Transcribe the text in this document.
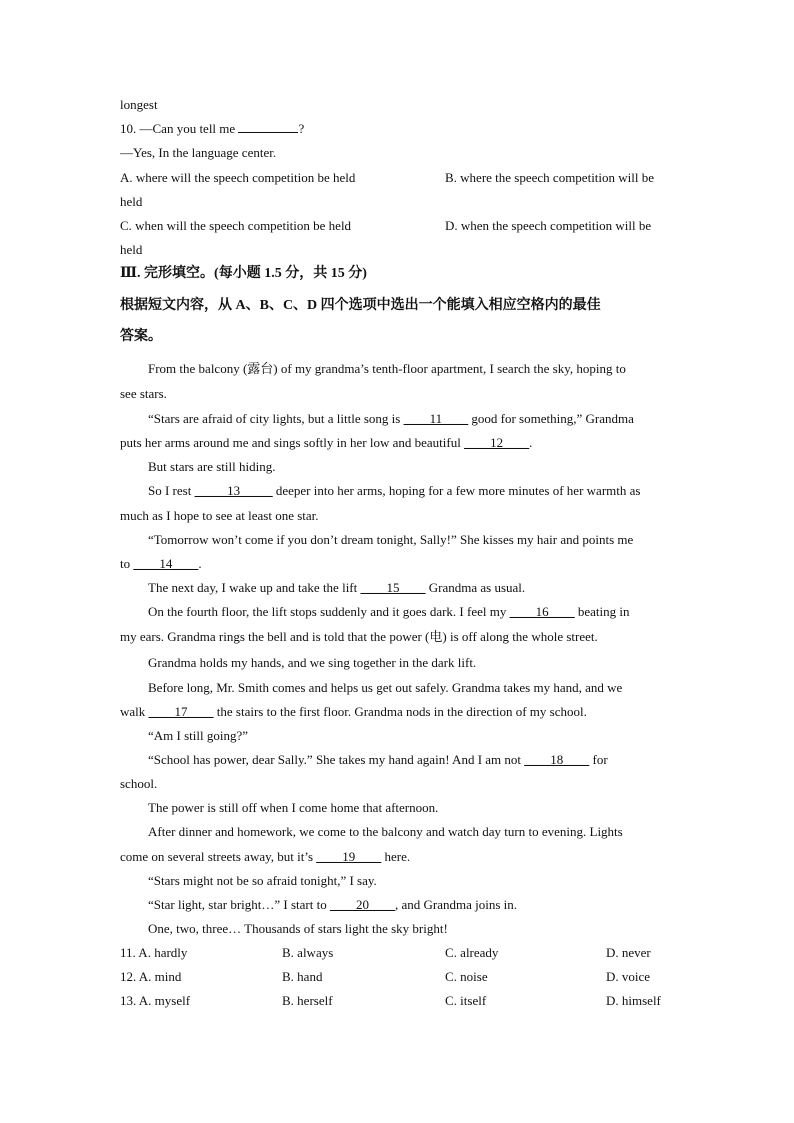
longest
10. —Can you tell me	?
—Yes, In the language center.
A. where will the speech competition be held	B. where the speech competition will be
held
C. when will the speech competition be held	D. when the speech competition will be
held
Ⅲ. 完形填空。(每小题 1.5 分，共 15 分)
根据短文内容，从 A、B、C、D 四个选项中选出一个能填入相应空格内的最佳
答案。
From the balcony (露台) of my grandma’s tenth-floor apartment, I search the sky, hoping to
see stars.
“Stars are afraid of city lights, but a little song is ____11____ good for something,” Grandma
puts her arms around me and sings softly in her low and beautiful ____12____.
But stars are still hiding.
So I rest _____13_____ deeper into her arms, hoping for a few more minutes of her warmth as
much as I hope to see at least one star.
“Tomorrow won’t come if you don’t dream tonight, Sally!” She kisses my hair and points me
to ____14____.
The next day, I wake up and take the lift ____15____ Grandma as usual.
On the fourth floor, the lift stops suddenly and it goes dark. I feel my ____16____ beating in
my ears. Grandma rings the bell and is told that the power (电) is off along the whole street.
Grandma holds my hands, and we sing together in the dark lift.
Before long, Mr. Smith comes and helps us get out safely. Grandma takes my hand, and we
walk ____17____ the stairs to the first floor. Grandma nods in the direction of my school.
“Am I still going?”
“School has power, dear Sally.” She takes my hand again! And I am not ____18____ for
school.
The power is still off when I come home that afternoon.
After dinner and homework, we come to the balcony and watch day turn to evening. Lights
come on several streets away, but it’s ____19____ here.
“Stars might not be so afraid tonight,” I say.
“Star light, star bright…” I start to ____20____, and Grandma joins in.
One, two, three… Thousands of stars light the sky bright!
11. A. hardly	B. always	C. already	D. never
12. A. mind	B. hand	C. noise	D. voice
13. A. myself	B. herself	C. itself	D. himself
